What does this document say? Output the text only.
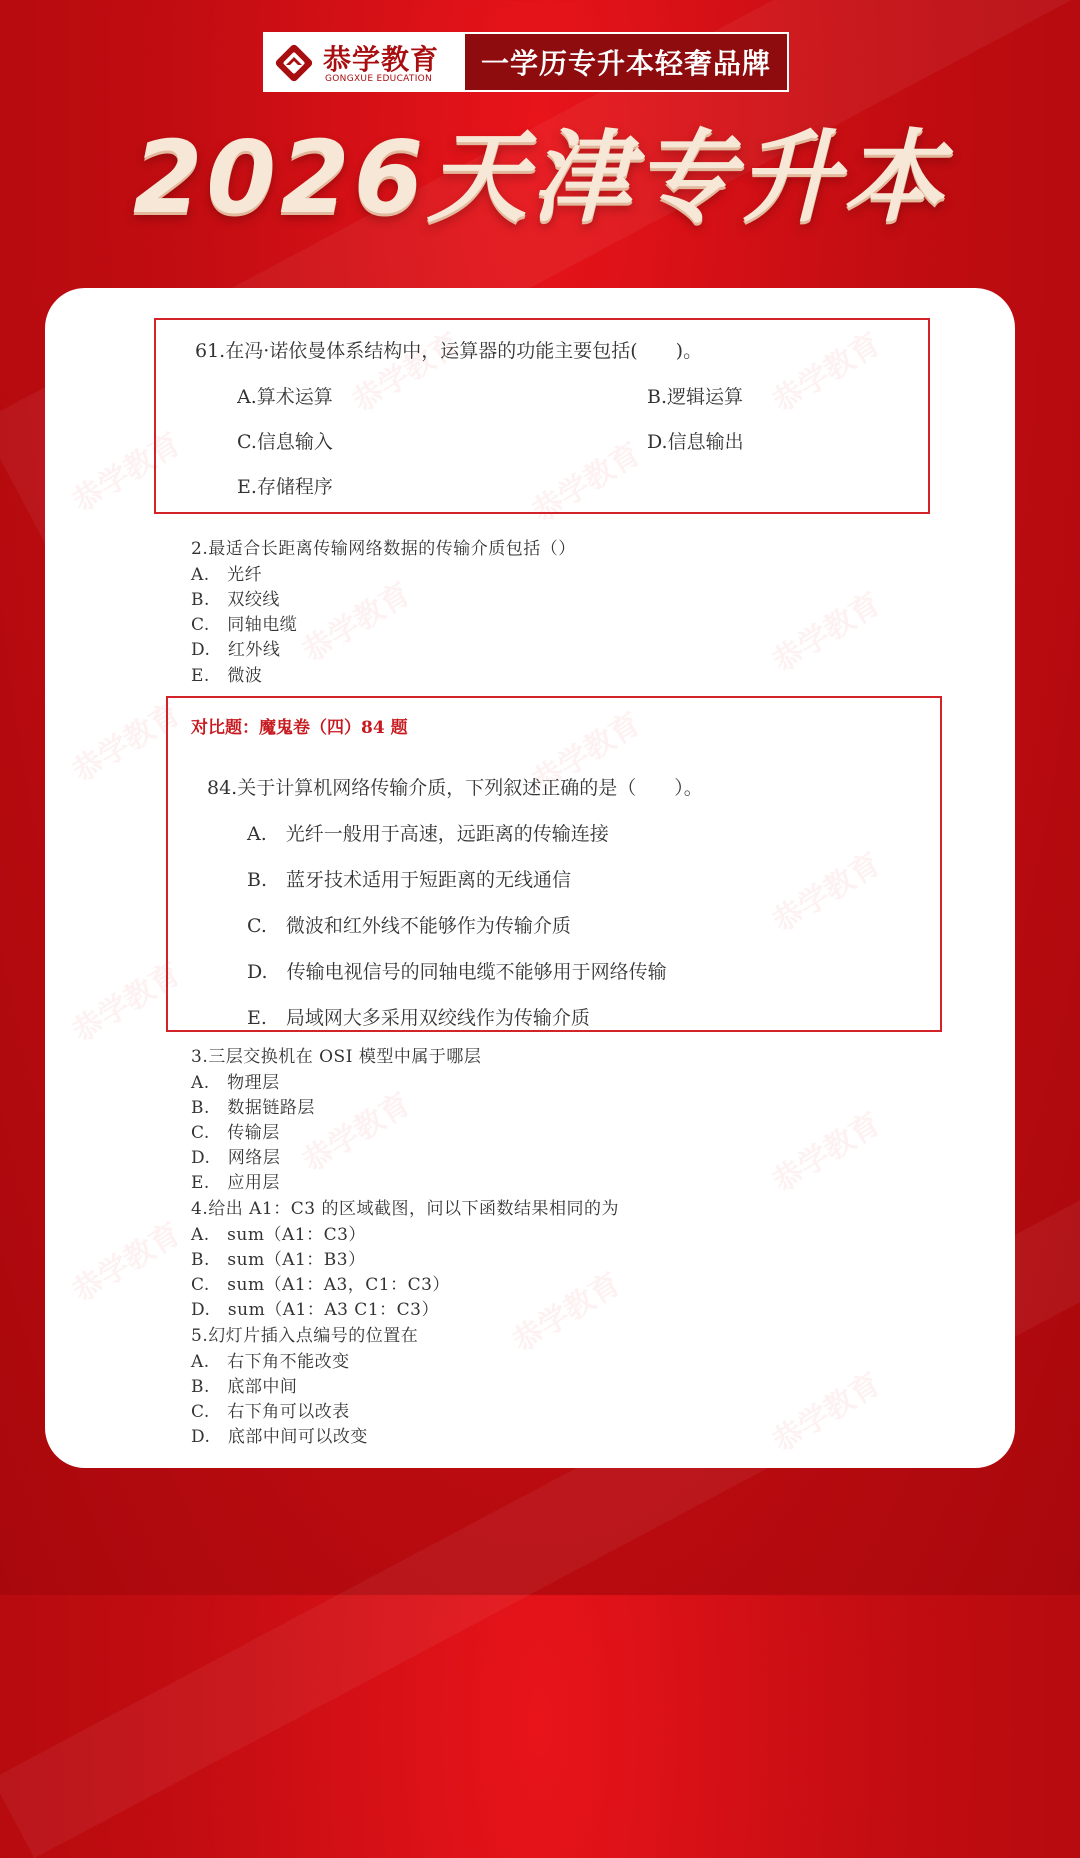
恭学教育
GONGXUE EDUCATION	一学历专升本轻奢品牌
2026天津专升本
恭学教育	恭学教育
恭学教育	恭学教育
恭学教育	恭学教育
恭学教育	恭学教育
恭学教育
恭学教育
恭学教育	恭学教育
恭学教育
恭学教育
恭学教育
61.在冯·诺依曼体系结构中，运算器的功能主要包括(　　)。
A.算术运算	B.逻辑运算
C.信息输入	D.信息输出
E.存储程序
2.最适合长距离传输网络数据的传输介质包括（）
A.　光纤
B.　双绞线
C.　同轴电缆
D.　红外线
E.　微波
对比题：魔鬼卷（四）84 题
84.关于计算机网络传输介质，下列叙述正确的是（　　）。
A.　光纤一般用于高速，远距离的传输连接
B.　蓝牙技术适用于短距离的无线通信
C.　微波和红外线不能够作为传输介质
D.　传输电视信号的同轴电缆不能够用于网络传输
E.　局域网大多采用双绞线作为传输介质
3.三层交换机在 OSI 模型中属于哪层
A.　物理层
B.　数据链路层
C.　传输层
D.　网络层
E.　应用层
4.给出 A1：C3 的区域截图，问以下函数结果相同的为
A.　sum（A1：C3）
B.　sum（A1：B3）
C.　sum（A1：A3，C1：C3）
D.　sum（A1：A3 C1：C3）
5.幻灯片插入点编号的位置在
A.　右下角不能改变
B.　底部中间
C.　右下角可以改表
D.　底部中间可以改变
